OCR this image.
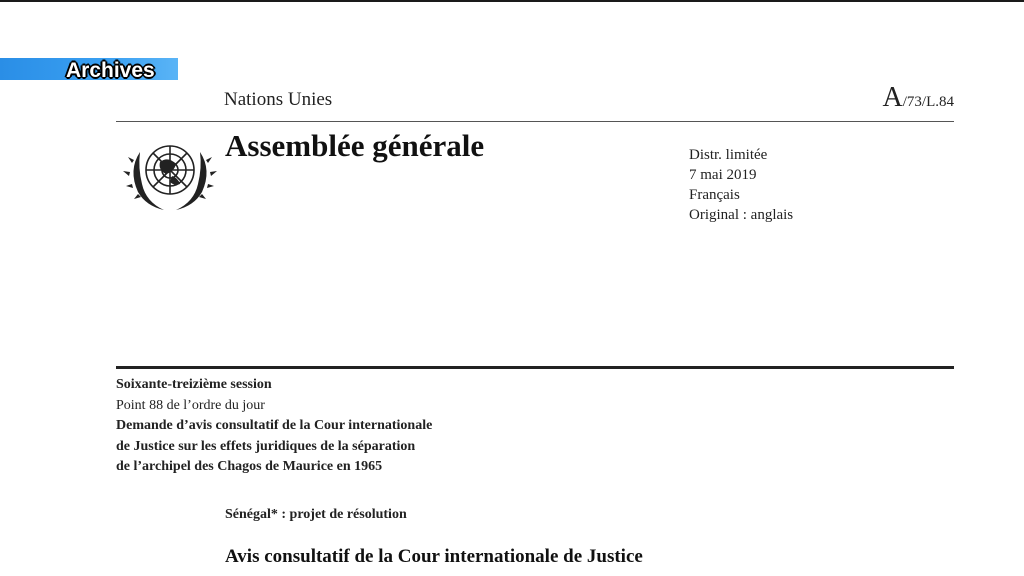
Archives
Nations Unies	A/73/L.84
Assemblée générale	Distr. limitée
7 mai 2019
Français
Original : anglais
Soixante-treizième session
Point 88 de l’ordre du jour
Demande d’avis consultatif de la Cour internationale
de Justice sur les effets juridiques de la séparation
de l’archipel des Chagos de Maurice en 1965
Sénégal* : projet de résolution
Avis consultatif de la Cour internationale de Justice
